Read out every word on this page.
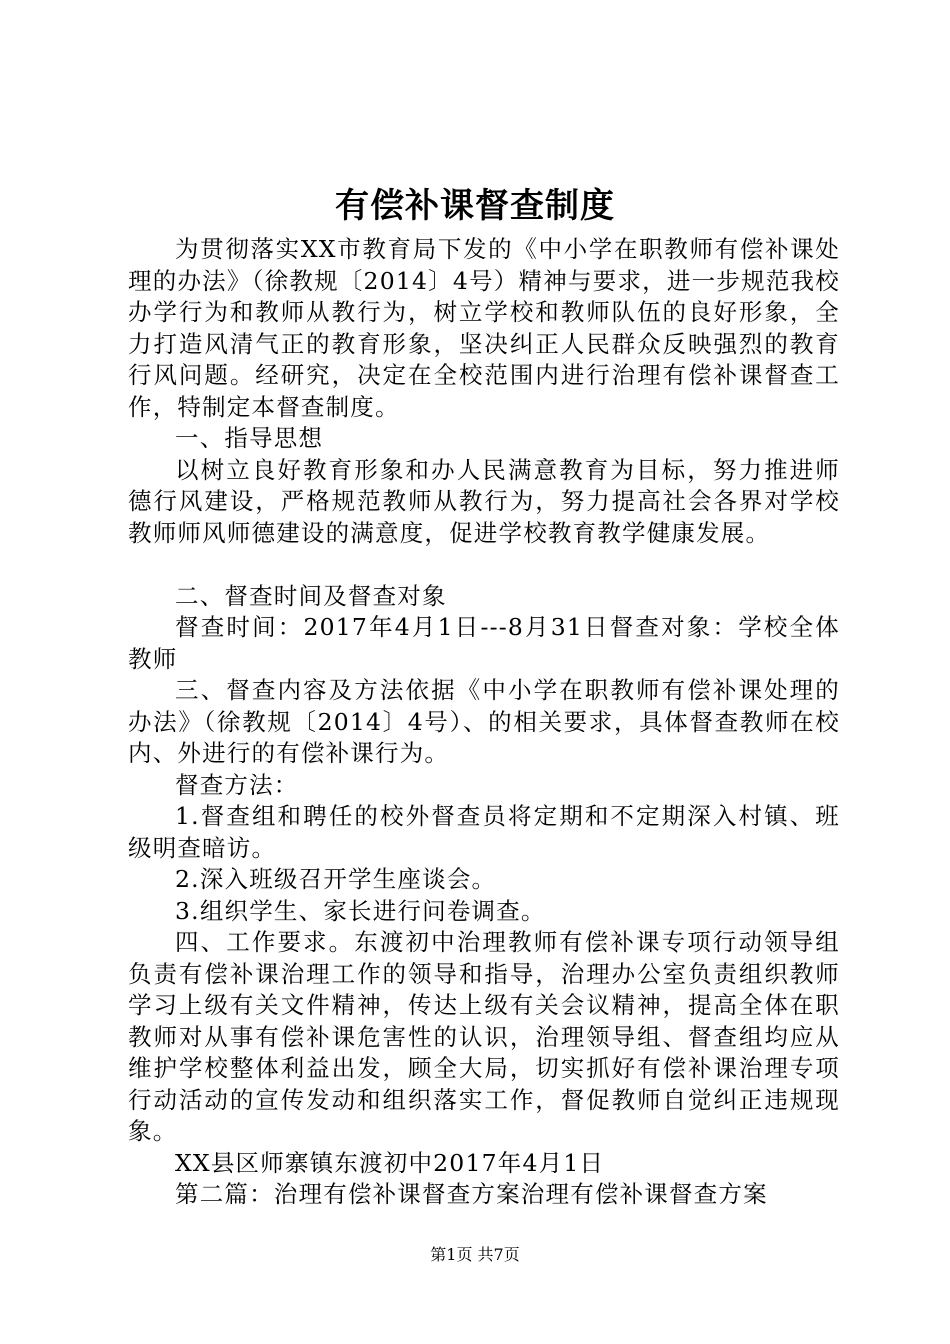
有偿补课督查制度

为贯彻落实XX市教育局下发的《中小学在职教师有偿补课处理的办法》（徐教规〔2014〕4号）精神与要求，进一步规范我校办学行为和教师从教行为，树立学校和教师队伍的良好形象，全力打造风清气正的教育形象，坚决纠正人民群众反映强烈的教育行风问题。经研究，决定在全校范围内进行治理有偿补课督查工作，特制定本督查制度。

一、指导思想

以树立良好教育形象和办人民满意教育为目标，努力推进师德行风建设，严格规范教师从教行为，努力提高社会各界对学校教师师风师德建设的满意度，促进学校教育教学健康发展。

二、督查时间及督查对象

督查时间：2017年4月1日---8月31日督查对象：学校全体教师

三、督查内容及方法依据《中小学在职教师有偿补课处理的办法》（徐教规〔2014〕4号）、的相关要求，具体督查教师在校内、外进行的有偿补课行为。

督查方法：

1.督查组和聘任的校外督查员将定期和不定期深入村镇、班级明查暗访。

2.深入班级召开学生座谈会。

3.组织学生、家长进行问卷调查。

四、工作要求。东渡初中治理教师有偿补课专项行动领导组负责有偿补课治理工作的领导和指导，治理办公室负责组织教师学习上级有关文件精神，传达上级有关会议精神，提高全体在职教师对从事有偿补课危害性的认识，治理领导组、督查组均应从维护学校整体利益出发，顾全大局，切实抓好有偿补课治理专项行动活动的宣传发动和组织落实工作，督促教师自觉纠正违规现象。

XX县区师寨镇东渡初中2017年4月1日

第二篇：治理有偿补课督查方案治理有偿补课督查方案

第1页 共7页
